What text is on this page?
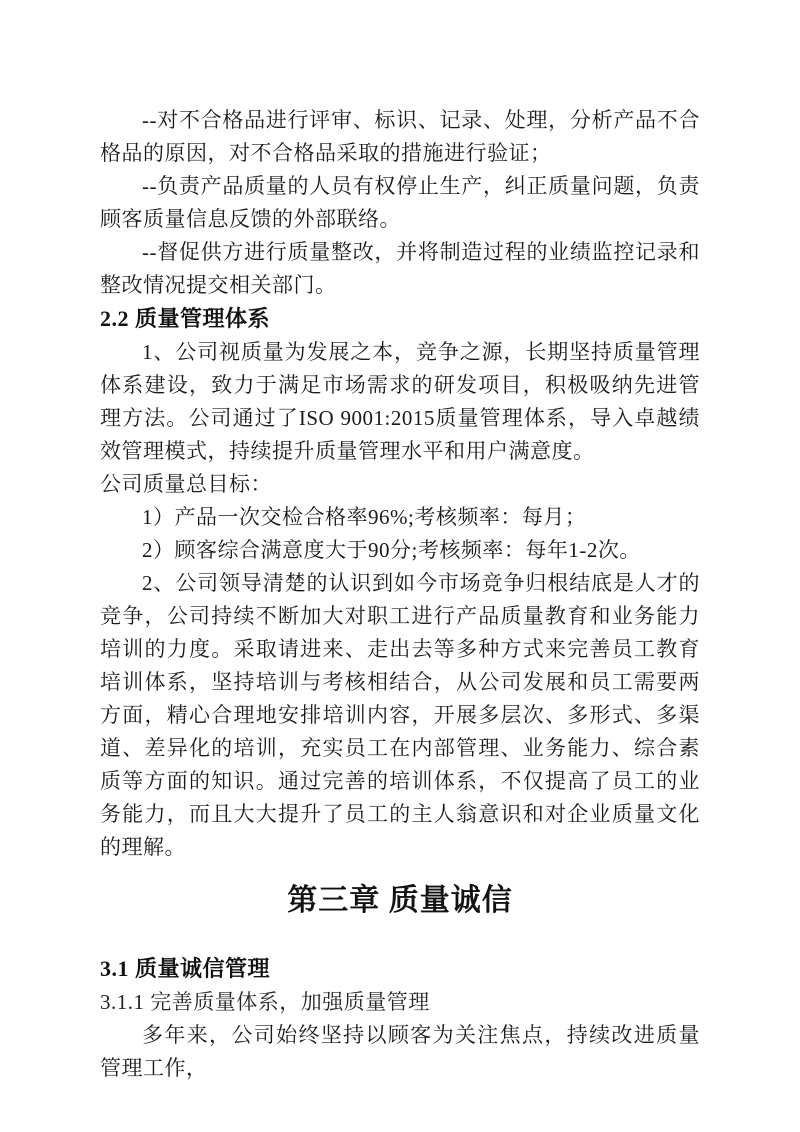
--对不合格品进行评审、标识、记录、处理，分析产品不合格品的原因，对不合格品采取的措施进行验证；

--负责产品质量的人员有权停止生产，纠正质量问题，负责顾客质量信息反馈的外部联络。

--督促供方进行质量整改，并将制造过程的业绩监控记录和整改情况提交相关部门。

2.2 质量管理体系

1、公司视质量为发展之本，竞争之源，长期坚持质量管理体系建设，致力于满足市场需求的研发项目，积极吸纳先进管理方法。公司通过了ISO 9001:2015质量管理体系，导入卓越绩效管理模式，持续提升质量管理水平和用户满意度。

公司质量总目标：

1）产品一次交检合格率96%;考核频率：每月；

2）顾客综合满意度大于90分;考核频率：每年1-2次。

2、公司领导清楚的认识到如今市场竞争归根结底是人才的竞争，公司持续不断加大对职工进行产品质量教育和业务能力培训的力度。采取请进来、走出去等多种方式来完善员工教育培训体系，坚持培训与考核相结合，从公司发展和员工需要两方面，精心合理地安排培训内容，开展多层次、多形式、多渠道、差异化的培训，充实员工在内部管理、业务能力、综合素质等方面的知识。通过完善的培训体系，不仅提高了员工的业务能力，而且大大提升了员工的主人翁意识和对企业质量文化的理解。

第三章 质量诚信
3.1 质量诚信管理
3.1.1 完善质量体系，加强质量管理

多年来，公司始终坚持以顾客为关注焦点，持续改进质量管理工作，
